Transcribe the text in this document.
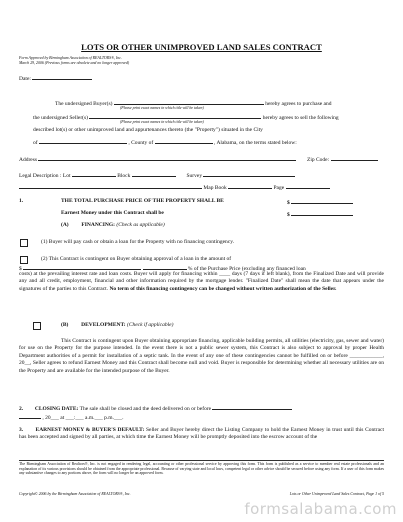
LOTS OR OTHER UNIMPROVED LAND SALES CONTRACT
Form Approved by Birmingham Association of REALTORS®, Inc.
March 29, 2006 (Previous forms are obsolete and no longer approved)
Date:
The undersigned Buyer(s)	hereby agrees to purchase and
(Please print exact names in which title will be taken)
the undersigned Seller(s)	hereby agrees to sell the following
(Please print exact names in which title will be taken)
described lot(s) or other unimproved land and appurtenances thereto (the "Property") situated in the City
of	, County of	, Alabama, on the terms stated below:
Address	Zip Code:
Legal Description : Lot	Block	Survey
Map Book	Page
1.	THE TOTAL PURCHASE PRICE OF THE PROPERTY SHALL BE	$
Earnest Money under this Contract shall be	$
(A) FINANCING: (Check as applicable)
(1) Buyer will pay cash or obtain a loan for the Property with no financing contingency.
(2) This Contract is contingent on Buyer obtaining approval of a loan in the amount of
$	% of the Purchase Price (excluding any financed loan
costs) at the prevailing interest rate and loan costs. Buyer will apply for financing within ____ days (7 days if left blank), from the Finalized Date and will provide any and all credit, employment, financial and other information required by the mortgage lender. "Finalized Date" shall mean the date that appears under the signatures of the parties to this Contract. No term of this financing contingency can be changed without written authorization of the Seller.
(B) DEVELOPMENT: (Check if applicable)
This Contract is contingent upon Buyer obtaining appropriate financing, applicable building permits, all utilities (electricity, gas, sewer and water) for use on the Property for the purpose intended. In the event there is not a public sewer system, this Contract is also subject to approval by proper Health Department authorities of a permit for installation of a septic tank. In the event of any one of these contingencies cannot be fulfilled on or before ____________, 20__, Seller agrees to refund Earnest Money and this Contract shall become null and void. Buyer is responsible for determining whether all necessary utilities are on the Property and are available for the intended purpose of the Buyer.
2. CLOSING DATE: The sale shall be closed and the deed delivered on or before
, 20___ at ___:___ a.m.___ p.m.___.
3. EARNEST MONEY & BUYER'S DEFAULT: Seller and Buyer hereby direct the Listing Company to hold the Earnest Money in trust until this Contract has been accepted and signed by all parties, at which time the Earnest Money will be promptly deposited into the escrow account of the
The Birmingham Association of Realtors®, Inc. is not engaged in rendering legal, accounting or other professional service by approving this form. This form is published as a service to member real estate professionals and an explanation of its various provisions should be obtained from the appropriate professional. Because of varying state and local laws, competent legal or other advice should be secured before using any form. If a user of this form makes any substantive changes to any portions above, the form will no longer be an approved form.
Copyright© 2006 by the Birmingham Association of REALTORS®, Inc.	Lots or Other Unimproved Land Sales Contract, Page 1 of 5
formsalabama.com
